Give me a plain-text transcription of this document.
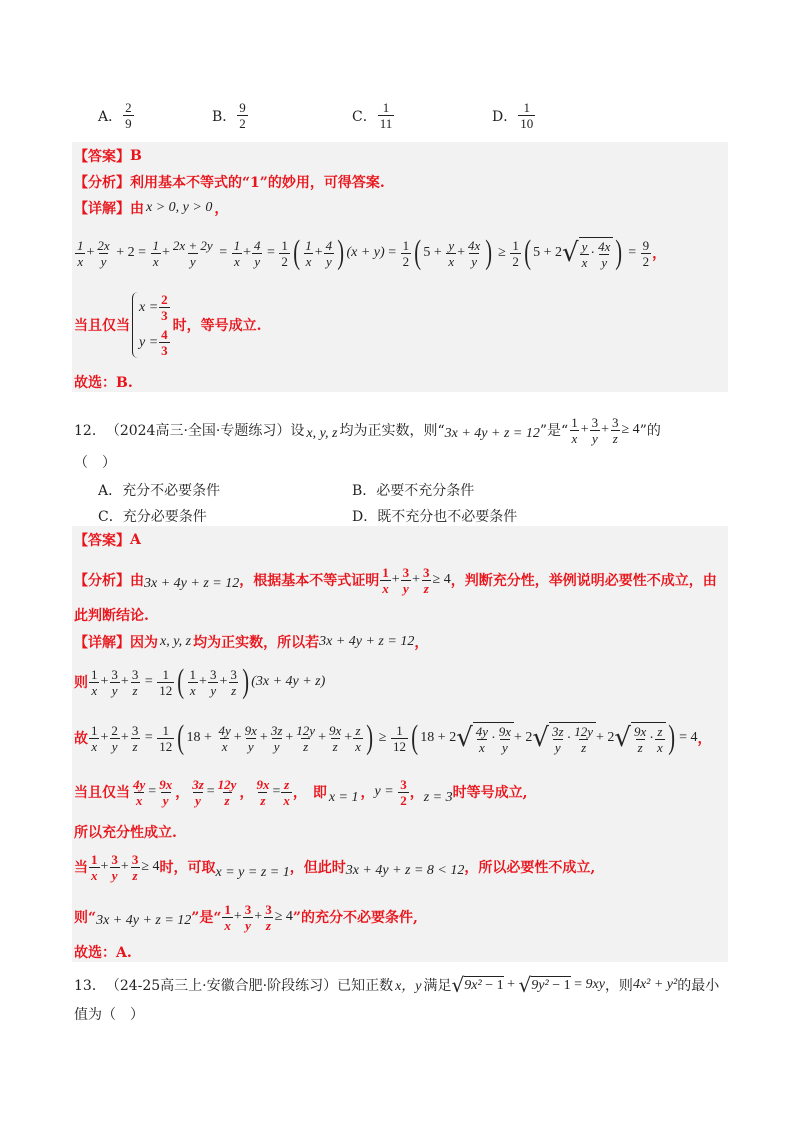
A． $\frac{2}{9}$	B． $\frac{9}{2}$	C． $\frac{1}{11}$	D． $\frac{1}{10}$
【答案】 B
【分析】 利用基本不等式的“1”的妙用，可得答案.
【详解】 由 x > 0, y > 0 ，
$\frac{1}{x} + \frac{2x}{y} + 2 = \frac{1}{x} + \frac{2x + 2y}{y} = \frac{1}{x} + \frac{4}{y} = \frac{1}{2}$ ( $\frac{1}{x} + \frac{4}{y}$ ) $(x + y) = \frac{1}{2}$ ( $5 + \frac{y}{x} + \frac{4x}{y}$ ) ≥ $\frac{1}{2}$ ( 5 + 2 √ $\frac{y}{x} \cdot \frac{4x}{y}$ ) = $\frac{9}{2}$ ，
当且仅当
$x = \frac{2}{3}$
$y = \frac{4}{3}$
时，等号成立.
故选：B.
12． （2024高三·全国·专题练习）设 x, y, z 均为正实数，则“ 3x + 4y + z = 12 ”是“ $\frac{1}{x} + \frac{3}{y} + \frac{3}{z} \ge 4$ ”的
（　）
A．充分不必要条件	B．必要不充分条件
C．充分必要条件	D．既不充分也不必要条件
【答案】 A
【分析】 由 3x + 4y + z = 12 ，根据基本不等式证明 $\frac{1}{x} + \frac{3}{y} + \frac{3}{z} \ge 4$ ，判断充分性，举例说明必要性不成立，由
此判断结论.
【详解】 因为 x, y, z 均为正实数，所以若 3x + 4y + z = 12 ，
则 $\frac{1}{x} + \frac{3}{y} + \frac{3}{z} = \frac{1}{12}$ ( $\frac{1}{x} + \frac{3}{y} + \frac{3}{z}$ ) (3x + 4y + z)
故 $\frac{1}{x} + \frac{2}{y} + \frac{3}{z} = \frac{1}{12}$ ( $18 + \frac{4y}{x} + \frac{9x}{y} + \frac{3z}{y} + \frac{12y}{z} + \frac{9x}{z} + \frac{z}{x}$ ) ≥ $\frac{1}{12}$ ( 18 + 2 √ $\frac{4y}{x} \cdot \frac{9x}{y} + 2$ √ $\frac{3z}{y} \cdot \frac{12y}{z} + 2$ √ $\frac{9x}{z} \cdot \frac{z}{x}$ ) = 4 ，
当且仅当 $\frac{4y}{x} = \frac{9x}{y}$ ， $\frac{3z}{y} = \frac{12y}{z}$ ， $\frac{9x}{z} = \frac{z}{x}$ ， 即 x = 1 ， $y = \frac{3}{2}$ ， z = 3 时等号成立,
所以充分性成立.
当 $\frac{1}{x} + \frac{3}{y} + \frac{3}{z} \ge 4$ 时，可取 x = y = z = 1 ，但此时 3x + 4y + z = 8 < 12 ，所以必要性不成立,
则“ 3x + 4y + z = 12 ”是“ $\frac{1}{x} + \frac{3}{y} + \frac{3}{z} \ge 4$ ”的充分不必要条件,
故选：A.
13． （24-25高三上·安徽合肥·阶段练习）已知正数 x，y 满足 √ 9x² − 1 + √ 9y² − 1 = 9xy ，则 4x² + y² 的最小
值为（　）
